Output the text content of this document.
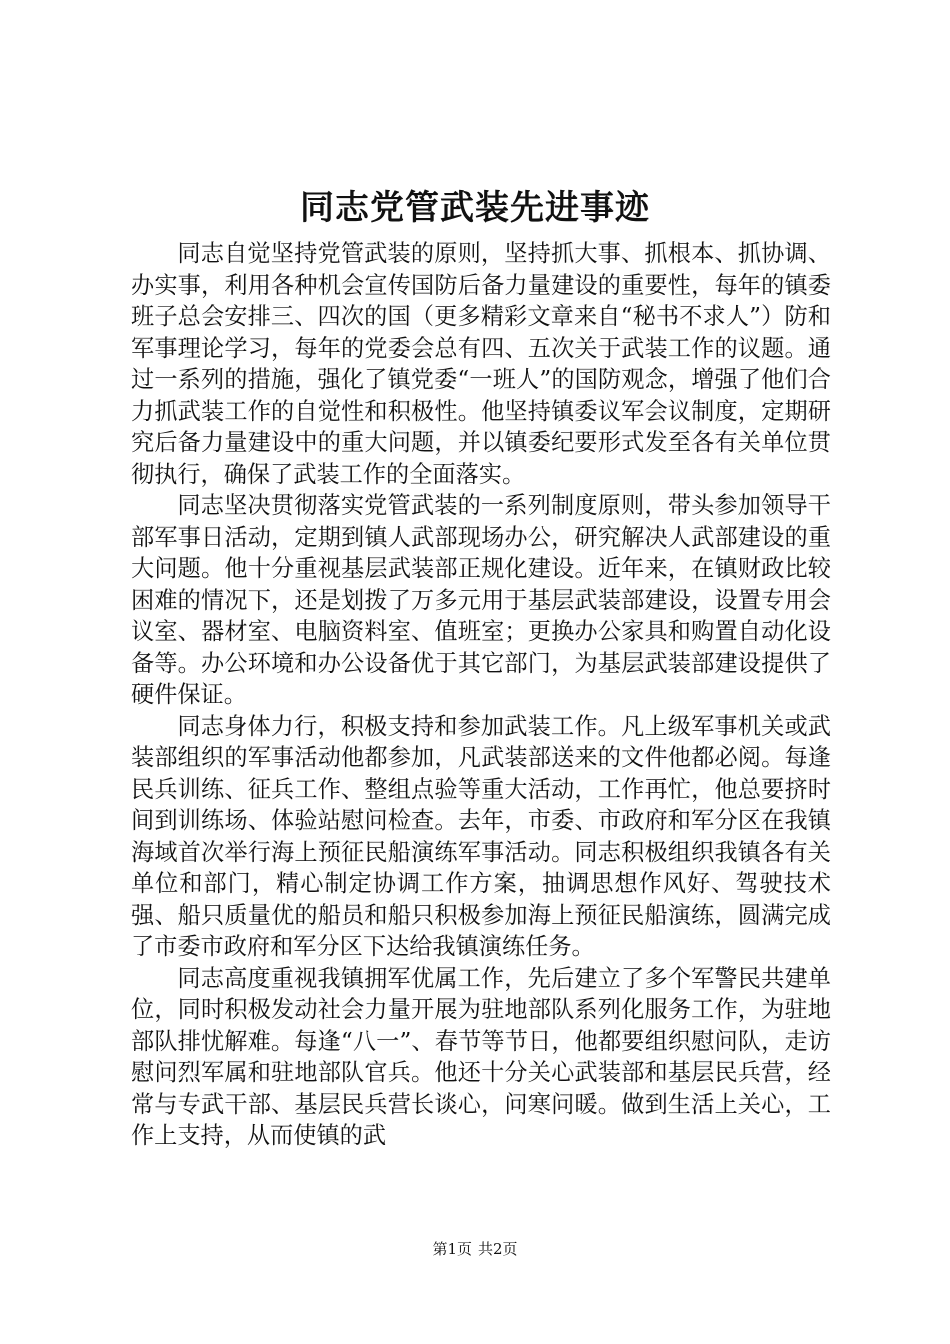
同志党管武装先进事迹

同志自觉坚持党管武装的原则，坚持抓大事、抓根本、抓协调、办实事，利用各种机会宣传国防后备力量建设的重要性，每年的镇委班子总会安排三、四次的国（更多精彩文章来自“秘书不求人”）防和军事理论学习，每年的党委会总有四、五次关于武装工作的议题。通过一系列的措施，强化了镇党委“一班人”的国防观念，增强了他们合力抓武装工作的自觉性和积极性。他坚持镇委议军会议制度，定期研究后备力量建设中的重大问题，并以镇委纪要形式发至各有关单位贯彻执行，确保了武装工作的全面落实。

同志坚决贯彻落实党管武装的一系列制度原则，带头参加领导干部军事日活动，定期到镇人武部现场办公，研究解决人武部建设的重大问题。他十分重视基层武装部正规化建设。近年来，在镇财政比较困难的情况下，还是划拨了万多元用于基层武装部建设，设置专用会议室、器材室、电脑资料室、值班室；更换办公家具和购置自动化设备等。办公环境和办公设备优于其它部门，为基层武装部建设提供了硬件保证。

同志身体力行，积极支持和参加武装工作。凡上级军事机关或武装部组织的军事活动他都参加，凡武装部送来的文件他都必阅。每逢民兵训练、征兵工作、整组点验等重大活动，工作再忙，他总要挤时间到训练场、体验站慰问检查。去年，市委、市政府和军分区在我镇海域首次举行海上预征民船演练军事活动。同志积极组织我镇各有关单位和部门，精心制定协调工作方案，抽调思想作风好、驾驶技术强、船只质量优的船员和船只积极参加海上预征民船演练，圆满完成了市委市政府和军分区下达给我镇演练任务。

同志高度重视我镇拥军优属工作，先后建立了多个军警民共建单位，同时积极发动社会力量开展为驻地部队系列化服务工作，为驻地部队排忧解难。每逢“八一”、春节等节日，他都要组织慰问队，走访慰问烈军属和驻地部队官兵。他还十分关心武装部和基层民兵营，经常与专武干部、基层民兵营长谈心，问寒问暖。做到生活上关心，工作上支持，从而使镇的武

第1页 共2页
